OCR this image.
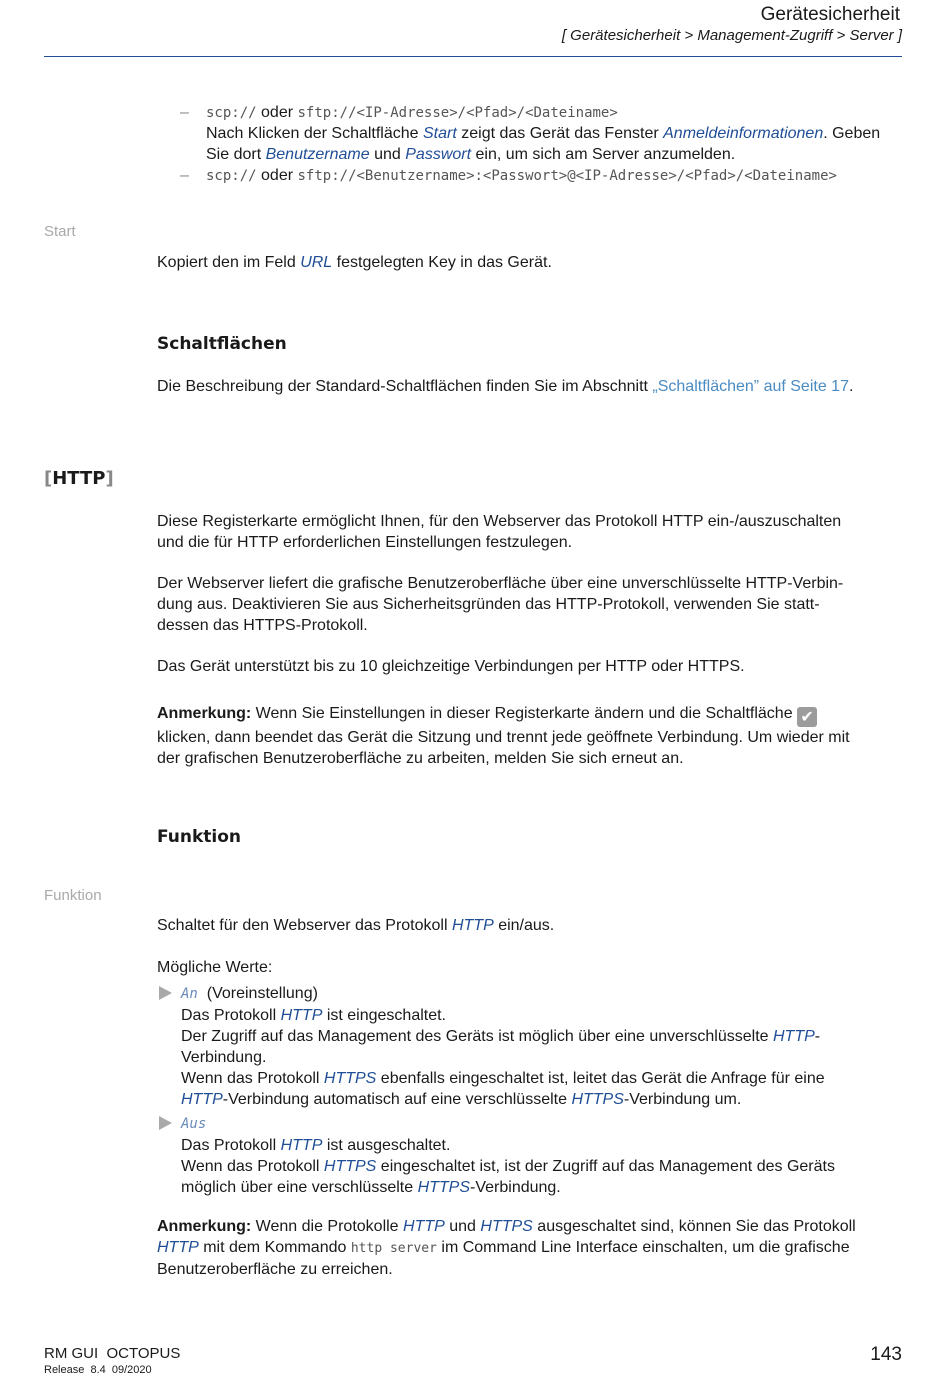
Gerätesicherheit
[ Gerätesicherheit > Management-Zugriff > Server ]
– scp:// oder sftp://<IP-Adresse>/<Pfad>/<Dateiname>
Nach Klicken der Schaltfläche Start zeigt das Gerät das Fenster Anmeldeinformationen. Geben
Sie dort Benutzername und Passwort ein, um sich am Server anzumelden.
– scp:// oder sftp://<Benutzername>:<Passwort>@<IP-Adresse>/<Pfad>/<Dateiname>
Start
Kopiert den im Feld URL festgelegten Key in das Gerät.
Schaltflächen
Die Beschreibung der Standard-Schaltflächen finden Sie im Abschnitt „Schaltflächen” auf Seite 17.
[HTTP]
Diese Registerkarte ermöglicht Ihnen, für den Webserver das Protokoll HTTP ein-/auszuschalten
und die für HTTP erforderlichen Einstellungen festzulegen.
Der Webserver liefert die grafische Benutzeroberfläche über eine unverschlüsselte HTTP-Verbin-
dung aus. Deaktivieren Sie aus Sicherheitsgründen das HTTP-Protokoll, verwenden Sie statt-
dessen das HTTPS-Protokoll.
Das Gerät unterstützt bis zu 10 gleichzeitige Verbindungen per HTTP oder HTTPS.
Anmerkung: Wenn Sie Einstellungen in dieser Registerkarte ändern und die Schaltfläche ✔
klicken, dann beendet das Gerät die Sitzung und trennt jede geöffnete Verbindung. Um wieder mit
der grafischen Benutzeroberfläche zu arbeiten, melden Sie sich erneut an.
Funktion
Funktion
Schaltet für den Webserver das Protokoll HTTP ein/aus.
Mögliche Werte:
An (Voreinstellung)
Das Protokoll HTTP ist eingeschaltet.
Der Zugriff auf das Management des Geräts ist möglich über eine unverschlüsselte HTTP-
Verbindung.
Wenn das Protokoll HTTPS ebenfalls eingeschaltet ist, leitet das Gerät die Anfrage für eine
HTTP-Verbindung automatisch auf eine verschlüsselte HTTPS-Verbindung um.
Aus
Das Protokoll HTTP ist ausgeschaltet.
Wenn das Protokoll HTTPS eingeschaltet ist, ist der Zugriff auf das Management des Geräts
möglich über eine verschlüsselte HTTPS-Verbindung.
Anmerkung: Wenn die Protokolle HTTP und HTTPS ausgeschaltet sind, können Sie das Protokoll
HTTP mit dem Kommando http server im Command Line Interface einschalten, um die grafische
Benutzeroberfläche zu erreichen.
RM GUI  OCTOPUS
Release  8.4  09/2020
143
